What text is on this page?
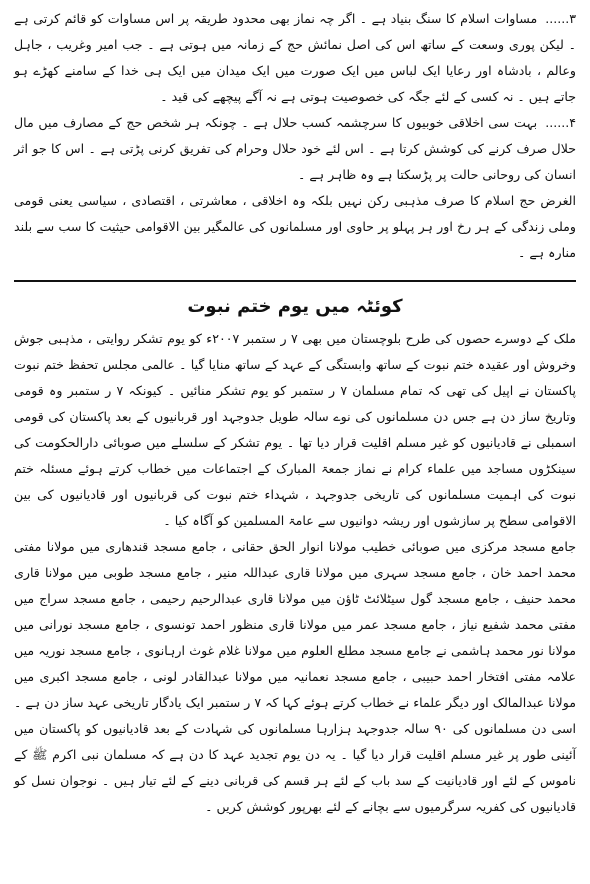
۳......مساوات اسلام کا سنگ بنیاد ہے ۔ اگر چہ نماز بھی محدود طریقہ پر اس مساوات کو قائم کرتی ہے ۔ لیکن پوری وسعت کے ساتھ اس کی اصل نمائش حج کے زمانہ میں ہوتی ہے ۔ جب امیر وغریب ، جاہل وعالم ، بادشاہ اور رعایا ایک لباس میں ایک صورت میں ایک میدان میں ایک ہی خدا کے سامنے کھڑے ہو جاتے ہیں ۔ نہ کسی کے لئے جگہ کی خصوصیت ہوتی ہے نہ آگے پیچھے کی قید ۔

۴......بہت سی اخلاقی خوبیوں کا سرچشمہ کسب حلال ہے ۔ چونکہ ہر شخص حج کے مصارف میں مال حلال صرف کرنے کی کوشش کرتا ہے ۔ اس لئے خود حلال وحرام کی تفریق کرنی پڑتی ہے ۔ اس کا جو اثر انسان کی روحانی حالت پر پڑسکتا ہے وہ ظاہر ہے ۔

الغرض حج اسلام کا صرف مذہبی رکن نہیں بلکہ وہ اخلاقی ، معاشرتی ، اقتصادی ، سیاسی یعنی قومی وملی زندگی کے ہر رخ اور ہر پہلو پر حاوی اور مسلمانوں کی عالمگیر بین الاقوامی حیثیت کا سب سے بلند منارہ ہے ۔

کوئٹہ میں یوم ختم نبوت

ملک کے دوسرے حصوں کی طرح بلوچستان میں بھی ۷ ر ستمبر ۲۰۰۷ء کو یوم تشکر روایتی ، مذہبی جوش وخروش اور عقیدہ ختم نبوت کے ساتھ وابستگی کے عہد کے ساتھ منایا گیا ۔ عالمی مجلس تحفظ ختم نبوت پاکستان نے اپیل کی تھی کہ تمام مسلمان ۷ ر ستمبر کو یوم تشکر منائیں ۔ کیونکہ ۷ ر ستمبر وہ قومی وتاریخ ساز دن ہے جس دن مسلمانوں کی نوے سالہ طویل جدوجہد اور قربانیوں کے بعد پاکستان کی قومی اسمبلی نے قادیانیوں کو غیر مسلم اقلیت قرار دیا تھا ۔ یوم تشکر کے سلسلے میں صوبائی دارالحکومت کی سینکڑوں مساجد میں علماء کرام نے نماز جمعۃ المبارک کے اجتماعات میں خطاب کرتے ہوئے مسئلہ ختم نبوت کی اہمیت مسلمانوں کی تاریخی جدوجہد ، شہداء ختم نبوت کی قربانیوں اور قادیانیوں کی بین الاقوامی سطح پر سازشوں اور ریشہ دوانیوں سے عامۃ المسلمین کو آگاہ کیا ۔

جامع مسجد مرکزی میں صوبائی خطیب مولانا انوار الحق حقانی ، جامع مسجد قندھاری میں مولانا مفتی محمد احمد خان ، جامع مسجد سہری میں مولانا قاری عبداللہ منیر ، جامع مسجد طوبی میں مولانا قاری محمد حنیف ، جامع مسجد گول سیٹلائٹ ٹاؤن میں مولانا قاری عبدالرحیم رحیمی ، جامع مسجد سراج میں مفتی محمد شفیع نیاز ، جامع مسجد عمر میں مولانا قاری منظور احمد تونسوی ، جامع مسجد نورانی میں مولانا نور محمد ہاشمی نے جامع مسجد مطلع العلوم میں مولانا غلام غوث ارہانوی ، جامع مسجد نوریہ میں علامہ مفتی افتخار احمد حبیبی ، جامع مسجد نعمانیہ میں مولانا عبدالقادر لونی ، جامع مسجد اکبری میں مولانا عبدالمالک اور دیگر علماء نے خطاب کرتے ہوئے کہا کہ ۷ ر ستمبر ایک یادگار تاریخی عہد ساز دن ہے ۔ اسی دن مسلمانوں کی ۹۰ سالہ جدوجہد ہزارہا مسلمانوں کی شہادت کے بعد قادیانیوں کو پاکستان میں آئینی طور پر غیر مسلم اقلیت قرار دیا گیا ۔ یہ دن یوم تجدید عہد کا دن ہے کہ مسلمان نبی اکرم ﷺ کے ناموس کے لئے اور قادیانیت کے سد باب کے لئے ہر قسم کی قربانی دینے کے لئے تیار ہیں ۔ نوجوان نسل کو قادیانیوں کی کفریہ سرگرمیوں سے بچانے کے لئے بھرپور کوشش کریں ۔
